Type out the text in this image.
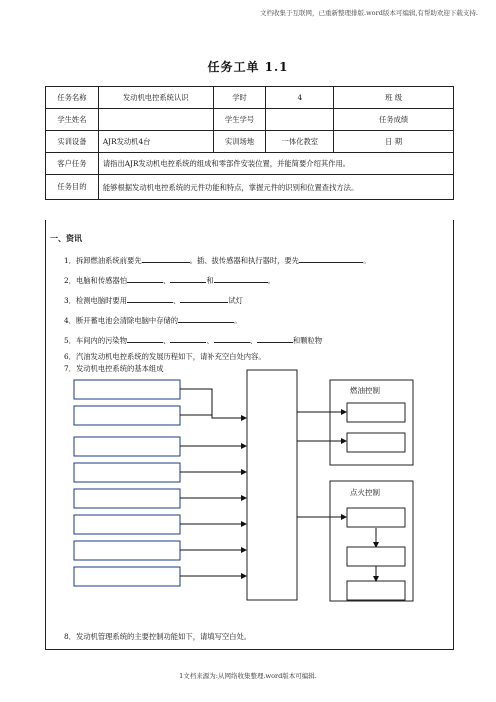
文档收集于互联网，已重新整理排版.word版本可编辑,有帮助欢迎下载支持.
任务工单 1.1
任务名称	发动机电控系统认识	学时	4	班 级
学生姓名		学生学号		任务成绩
实训设备	AJR发动机4台	实训场地	一体化教室	日 期
客户任务	请指出AJR发动机电控系统的组成和零部件安装位置，并能简要介绍其作用。			
任务目的	能够根据发动机电控系统的元件功能和特点，掌握元件的识别和位置查找方法。			
一、资讯
1．拆卸燃油系统前要先	。插、拔传感器和执行器时，要先	。
2．电脑和传感器怕	、	和	。
3．检测电脑时要用	、	试灯
4．断开蓄电池会清除电脑中存储的	。
5．车间内的污染物	、	、	、	和颗粒物
6．汽油发动机电控系统的发展历程如下，请补充空白处内容。
7．发动机电控系统的基本组成
燃油控制
点火控制
8．发动机管理系统的主要控制功能如下，请填写空白处。
1文档来源为:从网络收集整理.word版本可编辑.
